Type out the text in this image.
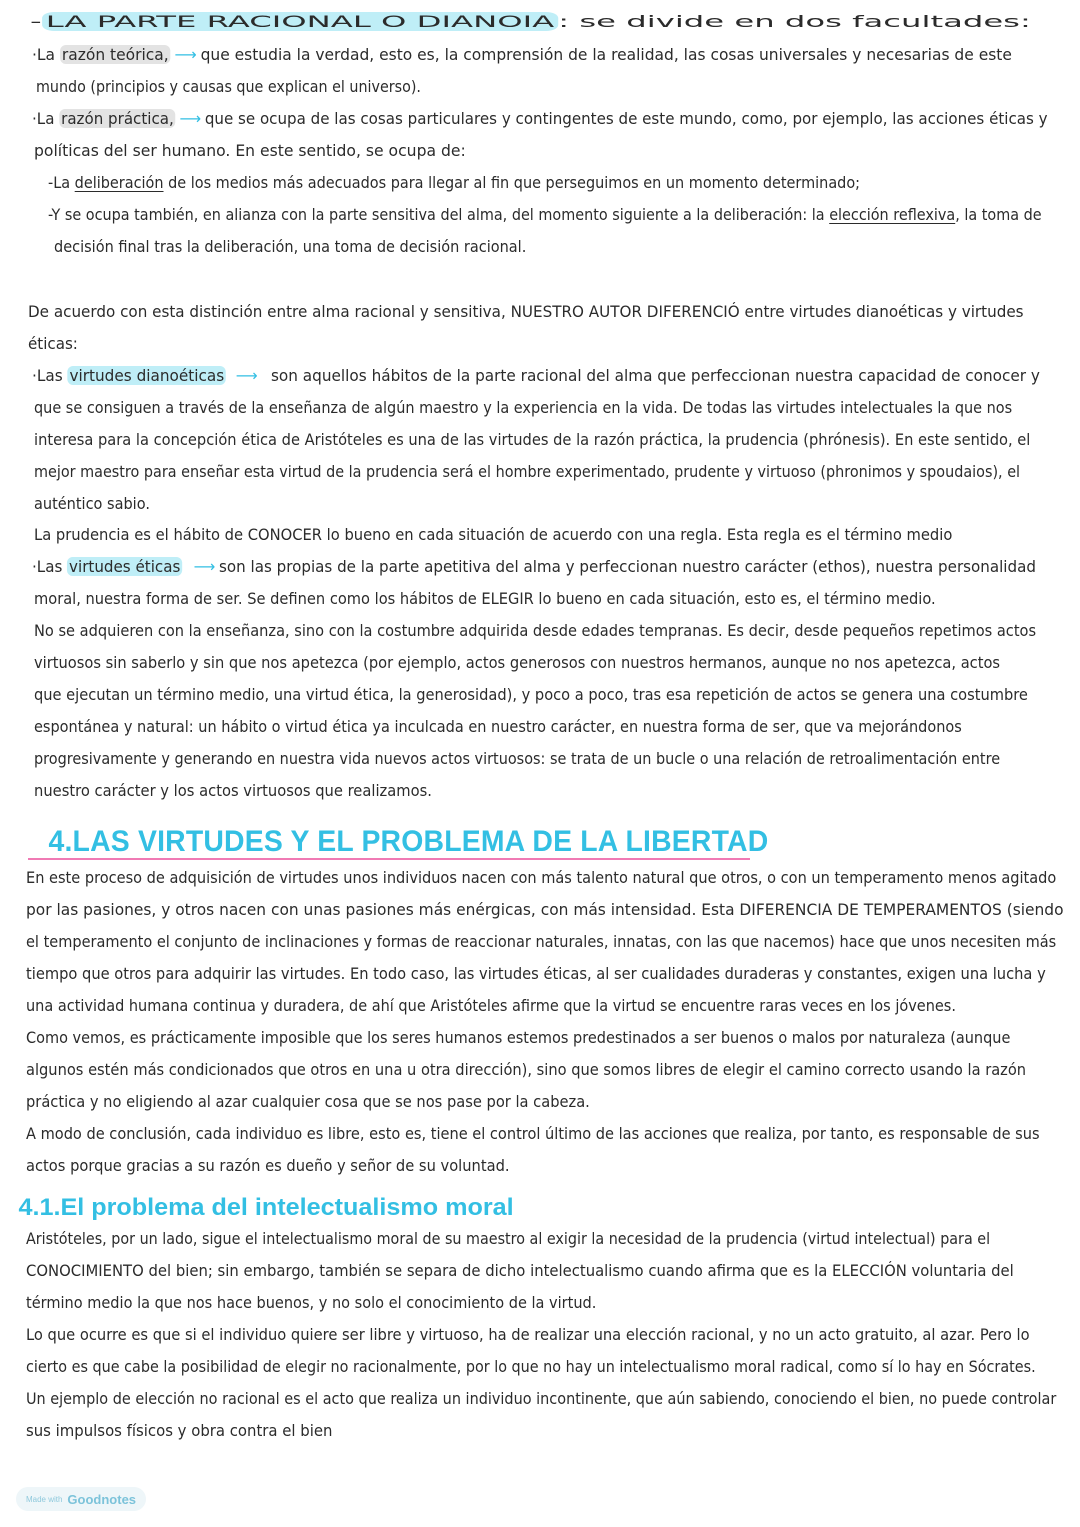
- LA PARTE RACIONAL O DIANOIA : se divide en dos facultades:
·La razón teórica, ⟶ que estudia la verdad, esto es, la comprensión de la realidad, las cosas universales y necesarias de este
mundo (principios y causas que explican el universo).
·La razón práctica, ⟶ que se ocupa de las cosas particulares y contingentes de este mundo, como, por ejemplo, las acciones éticas y
políticas del ser humano. En este sentido, se ocupa de:
-La deliberación de los medios más adecuados para llegar al fin que perseguimos en un momento determinado;
-Y se ocupa también, en alianza con la parte sensitiva del alma, del momento siguiente a la deliberación: la elección reflexiva, la toma de
decisión final tras la deliberación, una toma de decisión racional.
De acuerdo con esta distinción entre alma racional y sensitiva, NUESTRO AUTOR DIFERENCIÓ entre virtudes dianoéticas y virtudes
éticas:
·Las virtudes dianoéticas ⟶ son aquellos hábitos de la parte racional del alma que perfeccionan nuestra capacidad de conocer y
que se consiguen a través de la enseñanza de algún maestro y la experiencia en la vida. De todas las virtudes intelectuales la que nos
interesa para la concepción ética de Aristóteles es una de las virtudes de la razón práctica, la prudencia (phrónesis). En este sentido, el
mejor maestro para enseñar esta virtud de la prudencia será el hombre experimentado, prudente y virtuoso (phronimos y spoudaios), el
auténtico sabio.
La prudencia es el hábito de CONOCER lo bueno en cada situación de acuerdo con una regla. Esta regla es el término medio
·Las virtudes éticas ⟶ son las propias de la parte apetitiva del alma y perfeccionan nuestro carácter (ethos), nuestra personalidad
moral, nuestra forma de ser. Se definen como los hábitos de ELEGIR lo bueno en cada situación, esto es, el término medio.
No se adquieren con la enseñanza, sino con la costumbre adquirida desde edades tempranas. Es decir, desde pequeños repetimos actos
virtuosos sin saberlo y sin que nos apetezca (por ejemplo, actos generosos con nuestros hermanos, aunque no nos apetezca, actos
que ejecutan un término medio, una virtud ética, la generosidad), y poco a poco, tras esa repetición de actos se genera una costumbre
espontánea y natural: un hábito o virtud ética ya inculcada en nuestro carácter, en nuestra forma de ser, que va mejorándonos
progresivamente y generando en nuestra vida nuevos actos virtuosos: se trata de un bucle o una relación de retroalimentación entre
nuestro carácter y los actos virtuosos que realizamos.
4.LAS VIRTUDES Y EL PROBLEMA DE LA LIBERTAD
En este proceso de adquisición de virtudes unos individuos nacen con más talento natural que otros, o con un temperamento menos agitado
por las pasiones, y otros nacen con unas pasiones más enérgicas, con más intensidad. Esta DIFERENCIA DE TEMPERAMENTOS (siendo
el temperamento el conjunto de inclinaciones y formas de reaccionar naturales, innatas, con las que nacemos) hace que unos necesiten más
tiempo que otros para adquirir las virtudes. En todo caso, las virtudes éticas, al ser cualidades duraderas y constantes, exigen una lucha y
una actividad humana continua y duradera, de ahí que Aristóteles afirme que la virtud se encuentre raras veces en los jóvenes.
Como vemos, es prácticamente imposible que los seres humanos estemos predestinados a ser buenos o malos por naturaleza (aunque
algunos estén más condicionados que otros en una u otra dirección), sino que somos libres de elegir el camino correcto usando la razón
práctica y no eligiendo al azar cualquier cosa que se nos pase por la cabeza.
A modo de conclusión, cada individuo es libre, esto es, tiene el control último de las acciones que realiza, por tanto, es responsable de sus
actos porque gracias a su razón es dueño y señor de su voluntad.
4.1.El problema del intelectualismo moral
Aristóteles, por un lado, sigue el intelectualismo moral de su maestro al exigir la necesidad de la prudencia (virtud intelectual) para el
CONOCIMIENTO del bien; sin embargo, también se separa de dicho intelectualismo cuando afirma que es la ELECCIÓN voluntaria del
término medio la que nos hace buenos, y no solo el conocimiento de la virtud.
Lo que ocurre es que si el individuo quiere ser libre y virtuoso, ha de realizar una elección racional, y no un acto gratuito, al azar. Pero lo
cierto es que cabe la posibilidad de elegir no racionalmente, por lo que no hay un intelectualismo moral radical, como sí lo hay en Sócrates.
Un ejemplo de elección no racional es el acto que realiza un individuo incontinente, que aún sabiendo, conociendo el bien, no puede controlar
sus impulsos físicos y obra contra el bien
Made with Goodnotes
